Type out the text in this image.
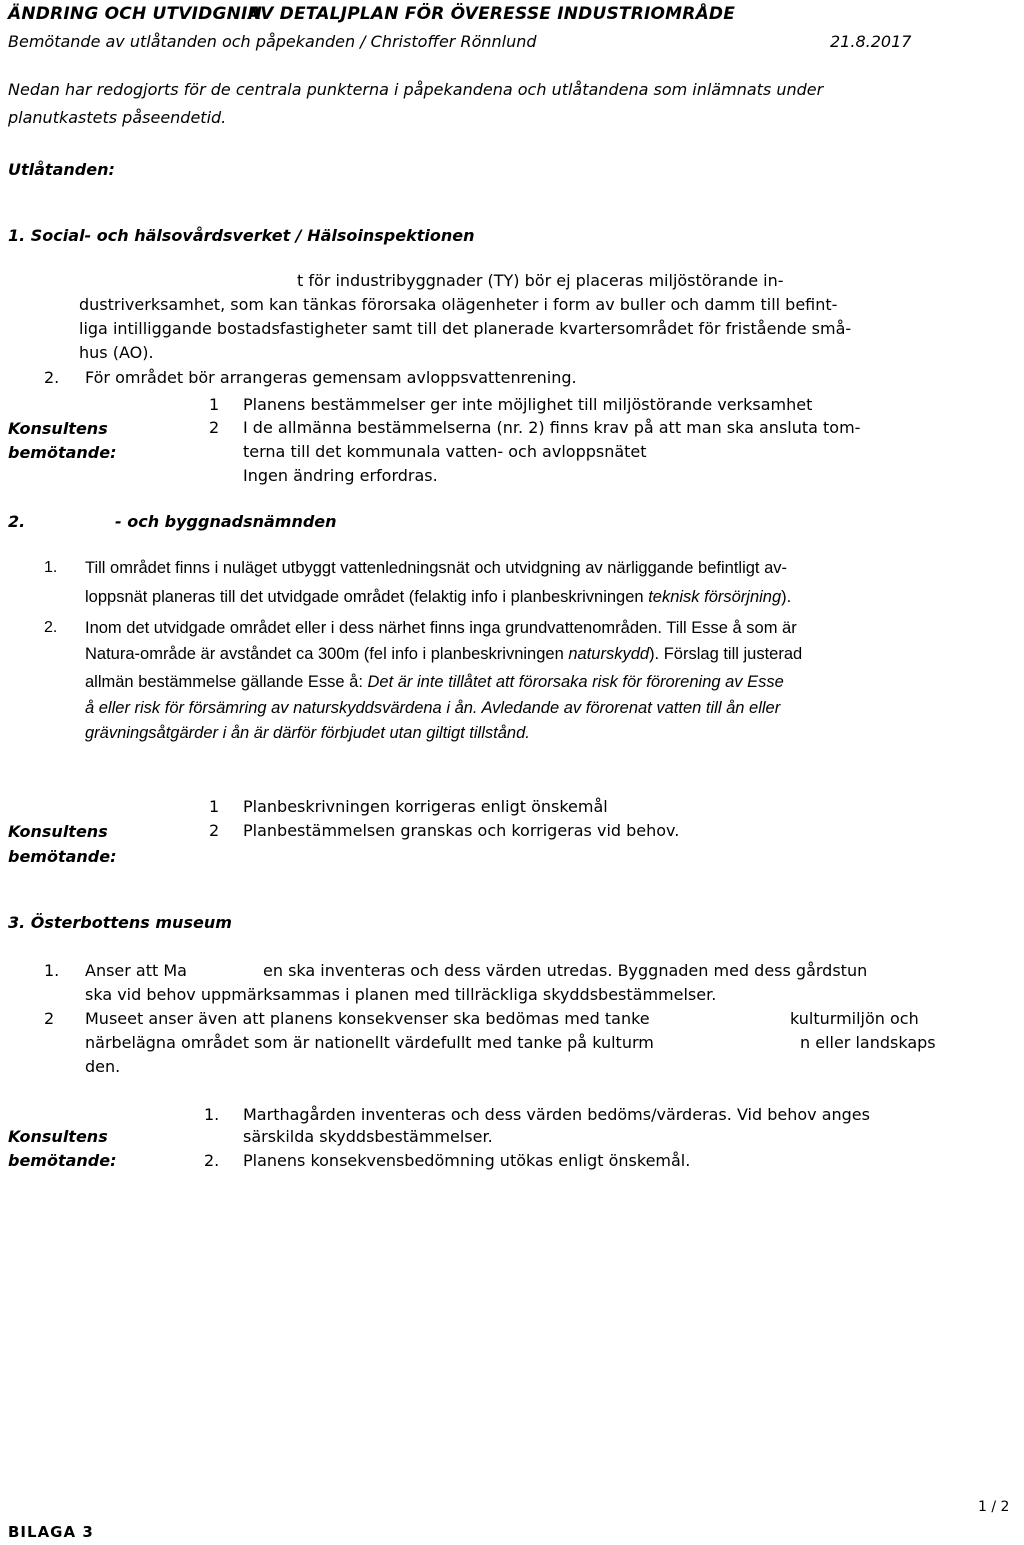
ÄNDRING OCH UTVIDGNIN
AV DETALJPLAN FÖR ÖVERESSE INDUSTRIOMRÅDE
Bemötande av utlåtanden och påpekanden / Christoffer Rönnlund	21.8.2017
Nedan har redogjorts för de centrala punkterna i påpekandena och utlåtandena som inlämnats under
planutkastets påseendetid.
Utlåtanden:
1. Social- och hälsovårdsverket / Hälsoinspektionen
t för industribyggnader (TY) bör ej placeras miljöstörande in-
dustriverksamhet, som kan tänkas förorsaka olägenheter i form av buller och damm till befint-
liga intilliggande bostadsfastigheter samt till det planerade kvartersområdet för fristående små-
hus (AO).
2. För området bör arrangeras gemensam avloppsvattenrening.
1 Planens bestämmelser ger inte möjlighet till miljöstörande verksamhet
Konsultens	2 I de allmänna bestämmelserna (nr. 2) finns krav på att man ska ansluta tom-
bemötande:	terna till det kommunala vatten- och avloppsnätet
Ingen ändring erfordras.
2.	- och byggnadsnämnden
1. Till området finns i nuläget utbyggt vattenledningsnät och utvidgning av närliggande befintligt av-
loppsnät planeras till det utvidgade området (felaktig info i planbeskrivningen teknisk försörjning).
2. Inom det utvidgade området eller i dess närhet finns inga grundvattenområden. Till Esse å som är
Natura-område är avståndet ca 300m (fel info i planbeskrivningen naturskydd). Förslag till justerad
allmän bestämmelse gällande Esse å: Det är inte tillåtet att förorsaka risk för förorening av Esse
å eller risk för försämring av naturskyddsvärdena i ån. Avledande av förorenat vatten till ån eller
grävningsåtgärder i ån är därför förbjudet utan giltigt tillstånd.
1 Planbeskrivningen korrigeras enligt önskemål
Konsultens	2 Planbestämmelsen granskas och korrigeras vid behov.
bemötande:
3. Österbottens museum
1. Anser att Ma	en ska inventeras och dess värden utredas. Byggnaden med dess gårdstun
ska vid behov uppmärksammas i planen med tillräckliga skyddsbestämmelser.
2 Museet anser även att planens konsekvenser ska bedömas med tanke	kulturmiljön och
närbelägna området som är nationellt värdefullt med tanke på kulturm	n eller landskaps
den.
1. Marthagården inventeras och dess värden bedöms/värderas. Vid behov anges
Konsultens	särskilda skyddsbestämmelser.
bemötande:	2. Planens konsekvensbedömning utökas enligt önskemål.
BILAGA 3
1 / 2
